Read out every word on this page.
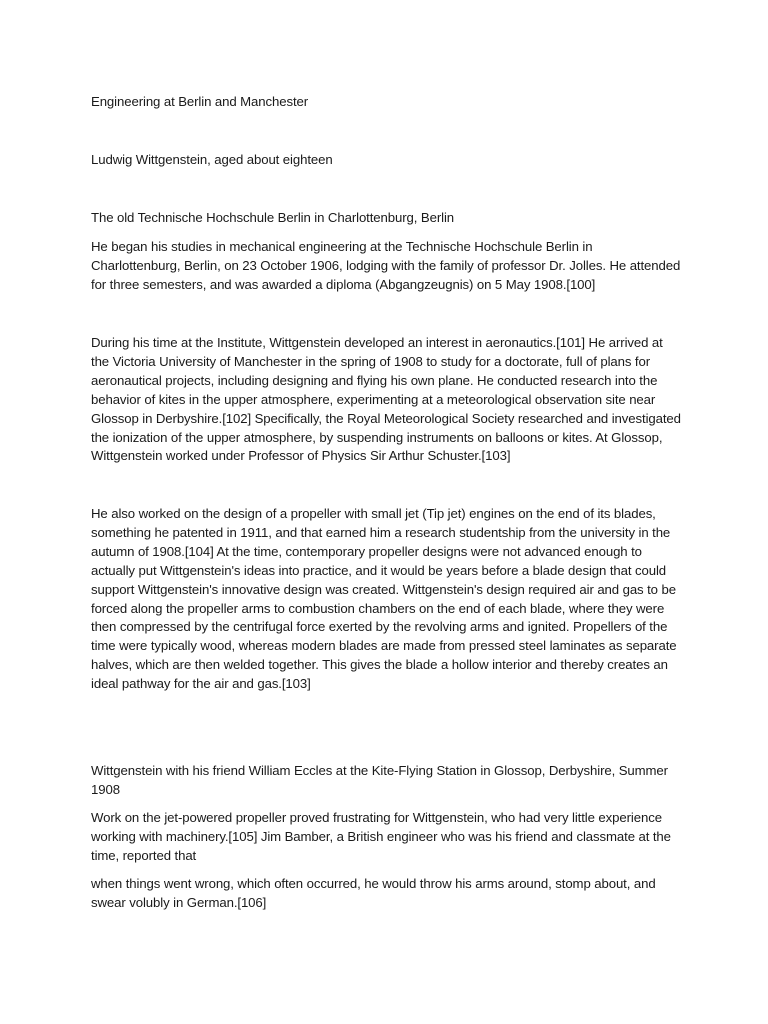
Engineering at Berlin and Manchester

Ludwig Wittgenstein, aged about eighteen

The old Technische Hochschule Berlin in Charlottenburg, Berlin

He began his studies in mechanical engineering at the Technische Hochschule Berlin in Charlottenburg, Berlin, on 23 October 1906, lodging with the family of professor Dr. Jolles. He attended for three semesters, and was awarded a diploma (Abgangzeugnis) on 5 May 1908.[100]

During his time at the Institute, Wittgenstein developed an interest in aeronautics.[101] He arrived at the Victoria University of Manchester in the spring of 1908 to study for a doctorate, full of plans for aeronautical projects, including designing and flying his own plane. He conducted research into the behavior of kites in the upper atmosphere, experimenting at a meteorological observation site near Glossop in Derbyshire.[102] Specifically, the Royal Meteorological Society researched and investigated the ionization of the upper atmosphere, by suspending instruments on balloons or kites. At Glossop, Wittgenstein worked under Professor of Physics Sir Arthur Schuster.[103]

He also worked on the design of a propeller with small jet (Tip jet) engines on the end of its blades, something he patented in 1911, and that earned him a research studentship from the university in the autumn of 1908.[104] At the time, contemporary propeller designs were not advanced enough to actually put Wittgenstein's ideas into practice, and it would be years before a blade design that could support Wittgenstein's innovative design was created. Wittgenstein's design required air and gas to be forced along the propeller arms to combustion chambers on the end of each blade, where they were then compressed by the centrifugal force exerted by the revolving arms and ignited. Propellers of the time were typically wood, whereas modern blades are made from pressed steel laminates as separate halves, which are then welded together. This gives the blade a hollow interior and thereby creates an ideal pathway for the air and gas.[103]

Wittgenstein with his friend William Eccles at the Kite-Flying Station in Glossop, Derbyshire, Summer 1908

Work on the jet-powered propeller proved frustrating for Wittgenstein, who had very little experience working with machinery.[105] Jim Bamber, a British engineer who was his friend and classmate at the time, reported that

when things went wrong, which often occurred, he would throw his arms around, stomp about, and swear volubly in German.[106]
